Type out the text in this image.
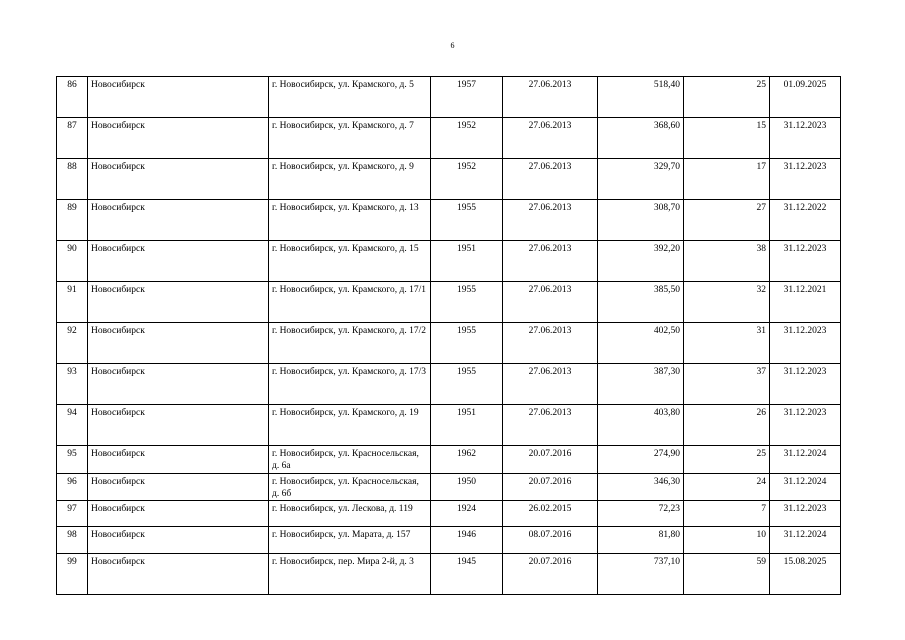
6
86	Новосибирск	г. Новосибирск, ул. Крамского, д. 5	1957	27.06.2013	518,40	25	01.09.2025
87	Новосибирск	г. Новосибирск, ул. Крамского, д. 7	1952	27.06.2013	368,60	15	31.12.2023
88	Новосибирск	г. Новосибирск, ул. Крамского, д. 9	1952	27.06.2013	329,70	17	31.12.2023
89	Новосибирск	г. Новосибирск, ул. Крамского, д. 13	1955	27.06.2013	308,70	27	31.12.2022
90	Новосибирск	г. Новосибирск, ул. Крамского, д. 15	1951	27.06.2013	392,20	38	31.12.2023
91	Новосибирск	г. Новосибирск, ул. Крамского, д. 17/1	1955	27.06.2013	385,50	32	31.12.2021
92	Новосибирск	г. Новосибирск, ул. Крамского, д. 17/2	1955	27.06.2013	402,50	31	31.12.2023
93	Новосибирск	г. Новосибирск, ул. Крамского, д. 17/3	1955	27.06.2013	387,30	37	31.12.2023
94	Новосибирск	г. Новосибирск, ул. Крамского, д. 19	1951	27.06.2013	403,80	26	31.12.2023
95	Новосибирск	г. Новосибирск, ул. Красносельская, д. 6а	1962	20.07.2016	274,90	25	31.12.2024
96	Новосибирск	г. Новосибирск, ул. Красносельская, д. 6б	1950	20.07.2016	346,30	24	31.12.2024
97	Новосибирск	г. Новосибирск, ул. Лескова, д. 119	1924	26.02.2015	72,23	7	31.12.2023
98	Новосибирск	г. Новосибирск, ул. Марата, д. 157	1946	08.07.2016	81,80	10	31.12.2024
99	Новосибирск	г. Новосибирск, пер. Мира 2-й, д. 3	1945	20.07.2016	737,10	59	15.08.2025
